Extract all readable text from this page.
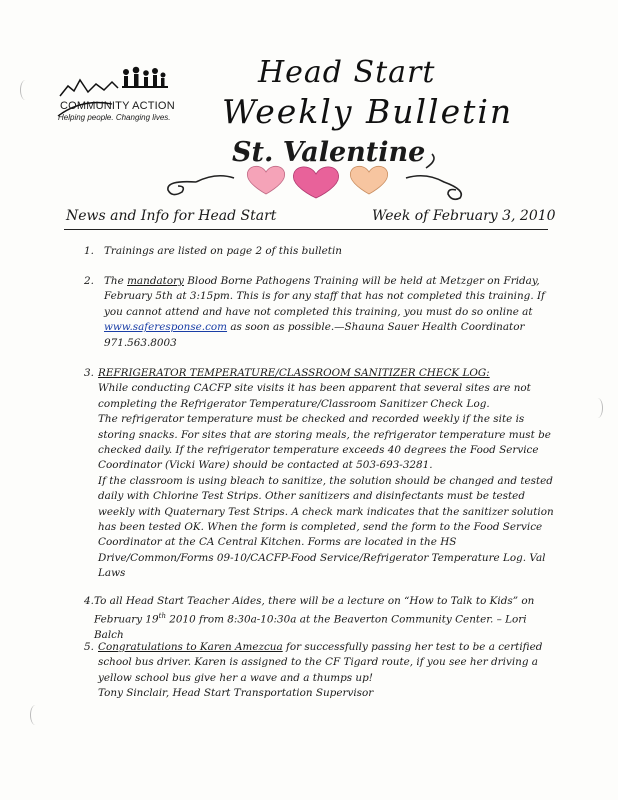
COMMUNITY ACTION
Helping people. Changing lives.
Head Start
Weekly Bulletin
St. Valentine
News and Info for Head Start	Week of February 3, 2010
1. Trainings are listed on page 2 of this bulletin
2. The mandatory Blood Borne Pathogens Training will be held at Metzger on Friday, February 5th at 3:15pm. This is for any staff that has not completed this training. If you cannot attend and have not completed this training, you must do so online at www.saferesponse.com as soon as possible.—Shauna Sauer Health Coordinator
971.563.8003
3. REFRIGERATOR TEMPERATURE/CLASSROOM SANITIZER CHECK LOG:
While conducting CACFP site visits it has been apparent that several sites are not completing the Refrigerator Temperature/Classroom Sanitizer Check Log.
The refrigerator temperature must be checked and recorded weekly if the site is storing snacks. For sites that are storing meals, the refrigerator temperature must be checked daily. If the refrigerator temperature exceeds 40 degrees the Food Service Coordinator (Vicki Ware) should be contacted at 503-693-3281.
If the classroom is using bleach to sanitize, the solution should be changed and tested daily with Chlorine Test Strips. Other sanitizers and disinfectants must be tested weekly with Quaternary Test Strips. A check mark indicates that the sanitizer solution has been tested OK. When the form is completed, send the form to the Food Service Coordinator at the CA Central Kitchen. Forms are located in the HS Drive/Common/Forms 09-10/CACFP-Food Service/Refrigerator Temperature Log. Val Laws
4. To all Head Start Teacher Aides, there will be a lecture on “How to Talk to Kids” on February 19th 2010 from 8:30a-10:30a at the Beaverton Community Center. – Lori Balch
5. Congratulations to Karen Amezcua for successfully passing her test to be a certified school bus driver. Karen is assigned to the CF Tigard route, if you see her driving a yellow school bus give her a wave and a thumps up!
Tony Sinclair, Head Start Transportation Supervisor
